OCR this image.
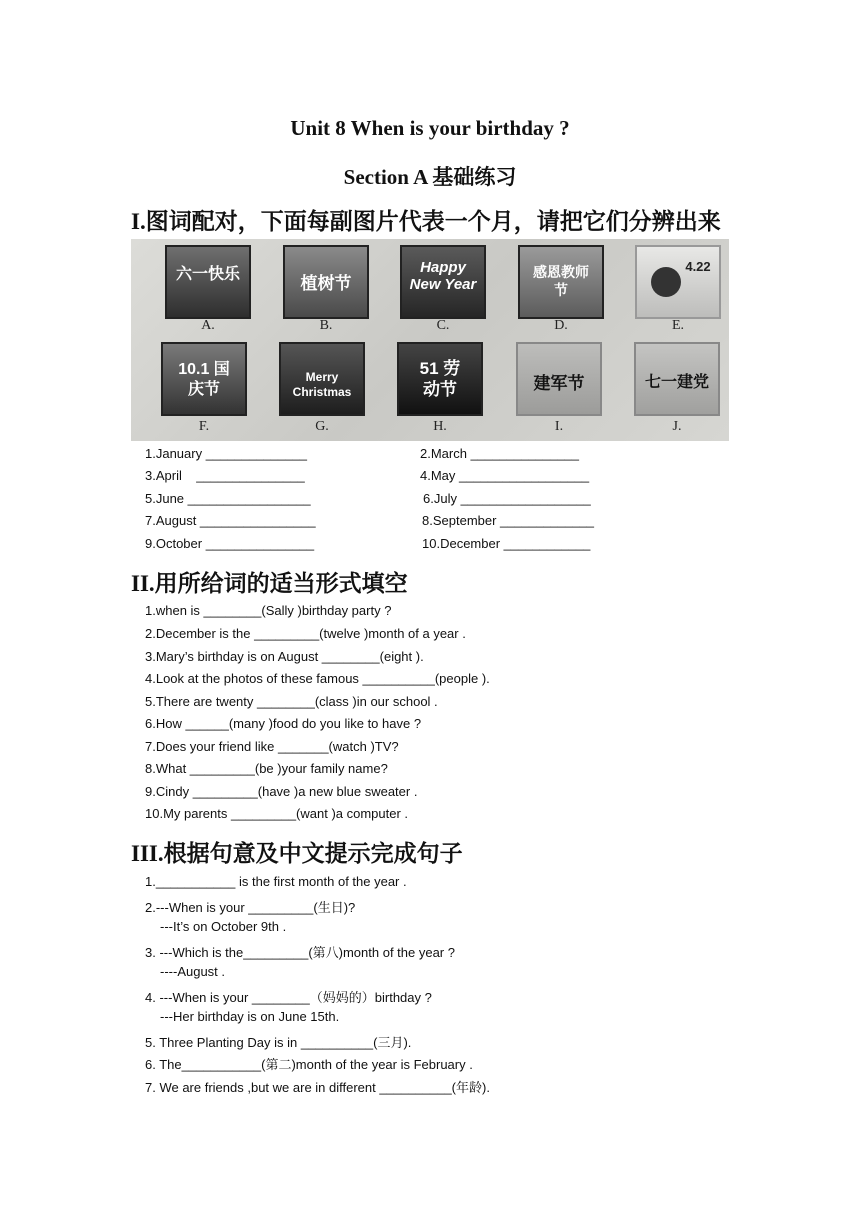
Unit 8 When is your birthday ?
Section A 基础练习
I.图词配对，下面每副图片代表一个月，请把它们分辨出来
六一快乐
A.
植树节
B.
Happy New Year
C.
感恩教师节
D.
4.22
E.
10.1 国庆节
F.
Merry Christmas
G.
51 劳动节
H.
建军节
I.
七一建党
J.
1.January ______________	2.March _______________
3.April    _______________	4.May __________________
5.June _________________	6.July __________________
7.August ________________	8.September _____________
9.October _______________	10.December ____________
II.用所给词的适当形式填空
1.when is ________(Sally )birthday party ?
2.December is the _________(twelve )month of a year .
3.Mary’s birthday is on August ________(eight ).
4.Look at the photos of these famous __________(people ).
5.There are twenty ________(class )in our school .
6.How ______(many )food do you like to have ?
7.Does your friend like _______(watch )TV?
8.What _________(be )your family name?
9.Cindy _________(have )a new blue sweater .
10.My parents _________(want )a computer .
III.根据句意及中文提示完成句子
1.___________ is the first month of the year .
2.---When is your _________(生日)?
---It’s on October 9th .
3. ---Which is the_________(第八)month of the year ?
----August .
4. ---When is your ________（妈妈的）birthday ?
---Her birthday is on June 15th.
5. Three Planting Day is in __________(三月).
6. The___________(第二)month of the year is February .
7. We are friends ,but we are in different __________(年龄).
